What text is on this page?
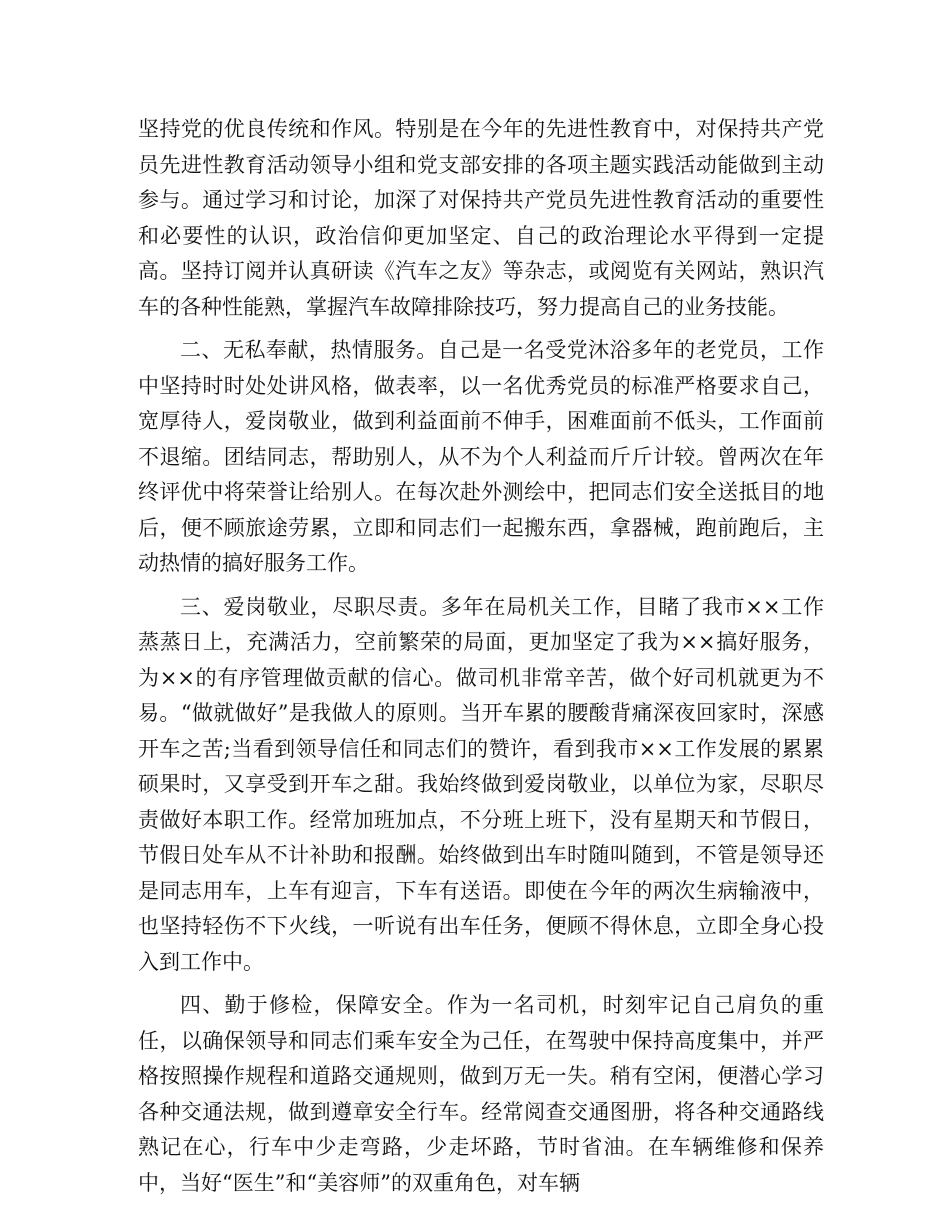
坚持党的优良传统和作风。特别是在今年的先进性教育中，对保持共产党员先进性教育活动领导小组和党支部安排的各项主题实践活动能做到主动参与。通过学习和讨论，加深了对保持共产党员先进性教育活动的重要性和必要性的认识，政治信仰更加坚定、自己的政治理论水平得到一定提高。坚持订阅并认真研读《汽车之友》等杂志，或阅览有关网站，熟识汽车的各种性能熟，掌握汽车故障排除技巧，努力提高自己的业务技能。

二、无私奉献，热情服务。自己是一名受党沐浴多年的老党员，工作中坚持时时处处讲风格，做表率，以一名优秀党员的标准严格要求自己，宽厚待人，爱岗敬业，做到利益面前不伸手，困难面前不低头，工作面前不退缩。团结同志，帮助别人，从不为个人利益而斤斤计较。曾两次在年终评优中将荣誉让给别人。在每次赴外测绘中，把同志们安全送抵目的地后，便不顾旅途劳累，立即和同志们一起搬东西，拿器械，跑前跑后，主动热情的搞好服务工作。

三、爱岗敬业，尽职尽责。多年在局机关工作，目睹了我市××工作蒸蒸日上，充满活力，空前繁荣的局面，更加坚定了我为××搞好服务，为××的有序管理做贡献的信心。做司机非常辛苦，做个好司机就更为不易。“做就做好”是我做人的原则。当开车累的腰酸背痛深夜回家时，深感开车之苦;当看到领导信任和同志们的赞许，看到我市××工作发展的累累硕果时，又享受到开车之甜。我始终做到爱岗敬业，以单位为家，尽职尽责做好本职工作。经常加班加点，不分班上班下，没有星期天和节假日，节假日处车从不计补助和报酬。始终做到出车时随叫随到，不管是领导还是同志用车，上车有迎言，下车有送语。即使在今年的两次生病输液中，也坚持轻伤不下火线，一听说有出车任务，便顾不得休息，立即全身心投入到工作中。

四、勤于修检，保障安全。作为一名司机，时刻牢记自己肩负的重任，以确保领导和同志们乘车安全为己任，在驾驶中保持高度集中，并严格按照操作规程和道路交通规则，做到万无一失。稍有空闲，便潜心学习各种交通法规，做到遵章安全行车。经常阅查交通图册，将各种交通路线熟记在心，行车中少走弯路，少走坏路，节时省油。在车辆维修和保养中，当好“医生”和“美容师”的双重角色，对车辆
